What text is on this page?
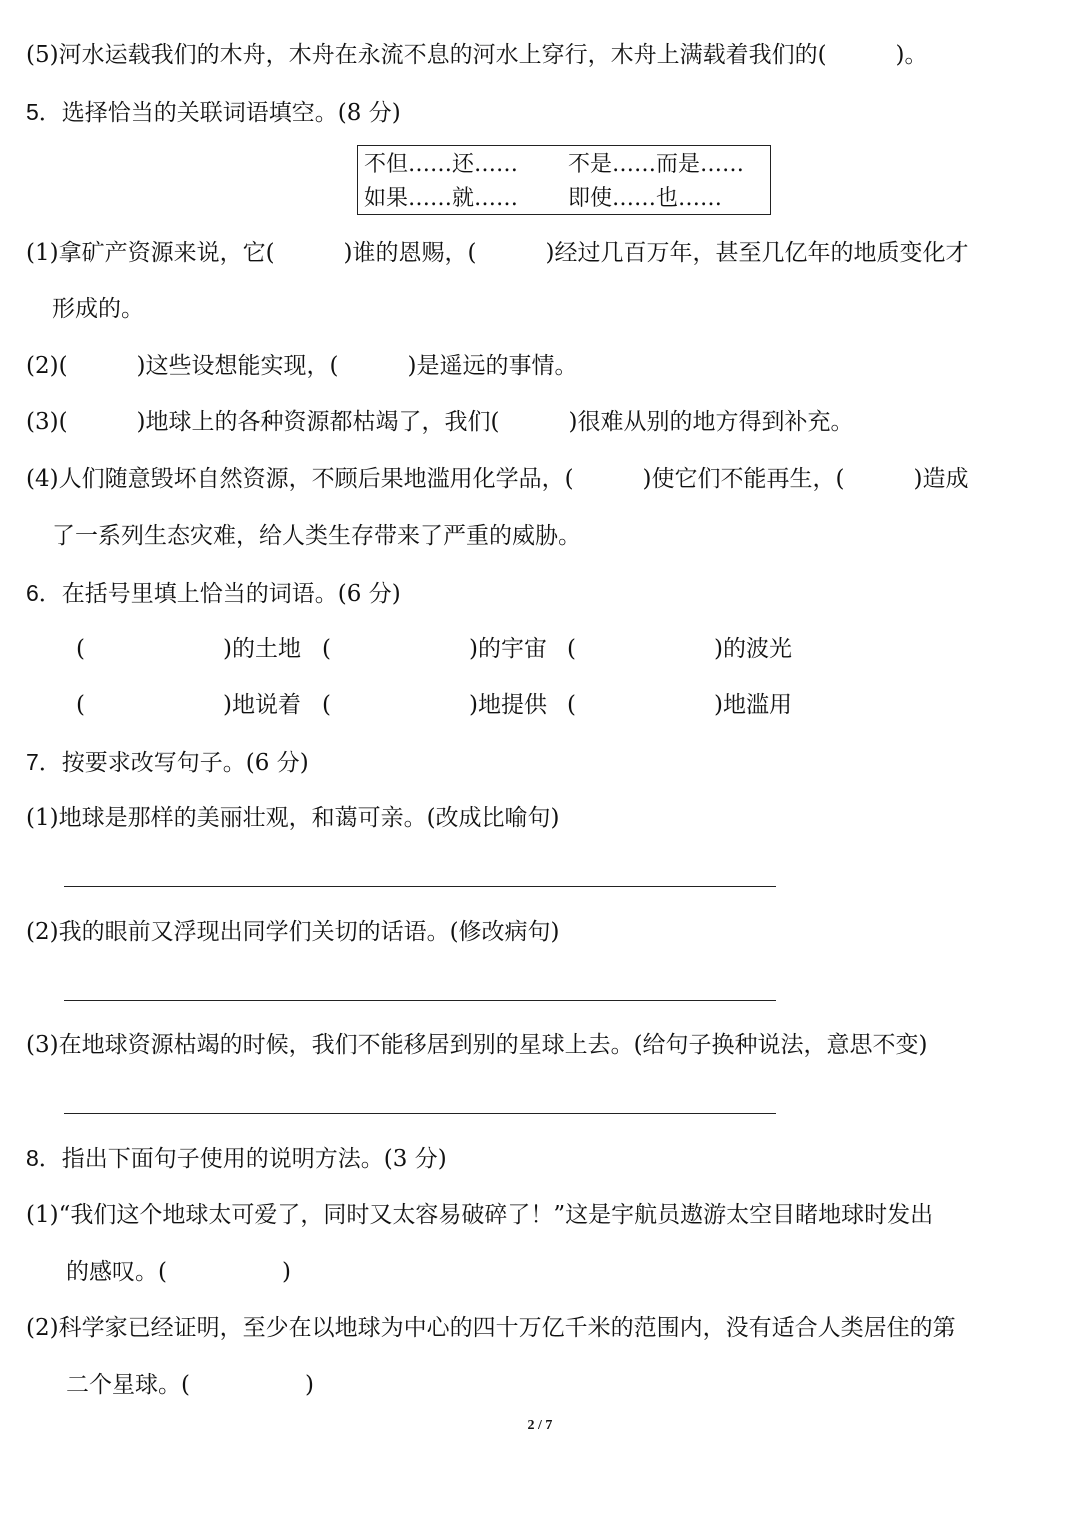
(5)河水运载我们的木舟，木舟在永流不息的河水上穿行，木舟上满载着我们的(　　　)。
5．选择恰当的关联词语填空。(8 分)
不但……还…… 不是……而是……
如果……就…… 即使……也……
(1)拿矿产资源来说，它(　　　)谁的恩赐，(　　　)经过几百万年，甚至几亿年的地质变化才
形成的。
(2)(　　　)这些设想能实现，(　　　)是遥远的事情。
(3)(　　　)地球上的各种资源都枯竭了，我们(　　　)很难从别的地方得到补充。
(4)人们随意毁坏自然资源，不顾后果地滥用化学品，(　　　)使它们不能再生，(　　　)造成
了一系列生态灾难，给人类生存带来了严重的威胁。
6．在括号里填上恰当的词语。(6 分)
(　　　　　　)的土地 (　　　　　　)的宇宙 (　　　　　　)的波光
(　　　　　　)地说着 (　　　　　　)地提供 (　　　　　　)地滥用
7．按要求改写句子。(6 分)
(1)地球是那样的美丽壮观，和蔼可亲。(改成比喻句)
(2)我的眼前又浮现出同学们关切的话语。(修改病句)
(3)在地球资源枯竭的时候，我们不能移居到别的星球上去。(给句子换种说法，意思不变)
8．指出下面句子使用的说明方法。(3 分)
(1)“我们这个地球太可爱了，同时又太容易破碎了！”这是宇航员遨游太空目睹地球时发出
的感叹。(　　　　　)
(2)科学家已经证明，至少在以地球为中心的四十万亿千米的范围内，没有适合人类居住的第
二个星球。(　　　　　)
2 / 7
